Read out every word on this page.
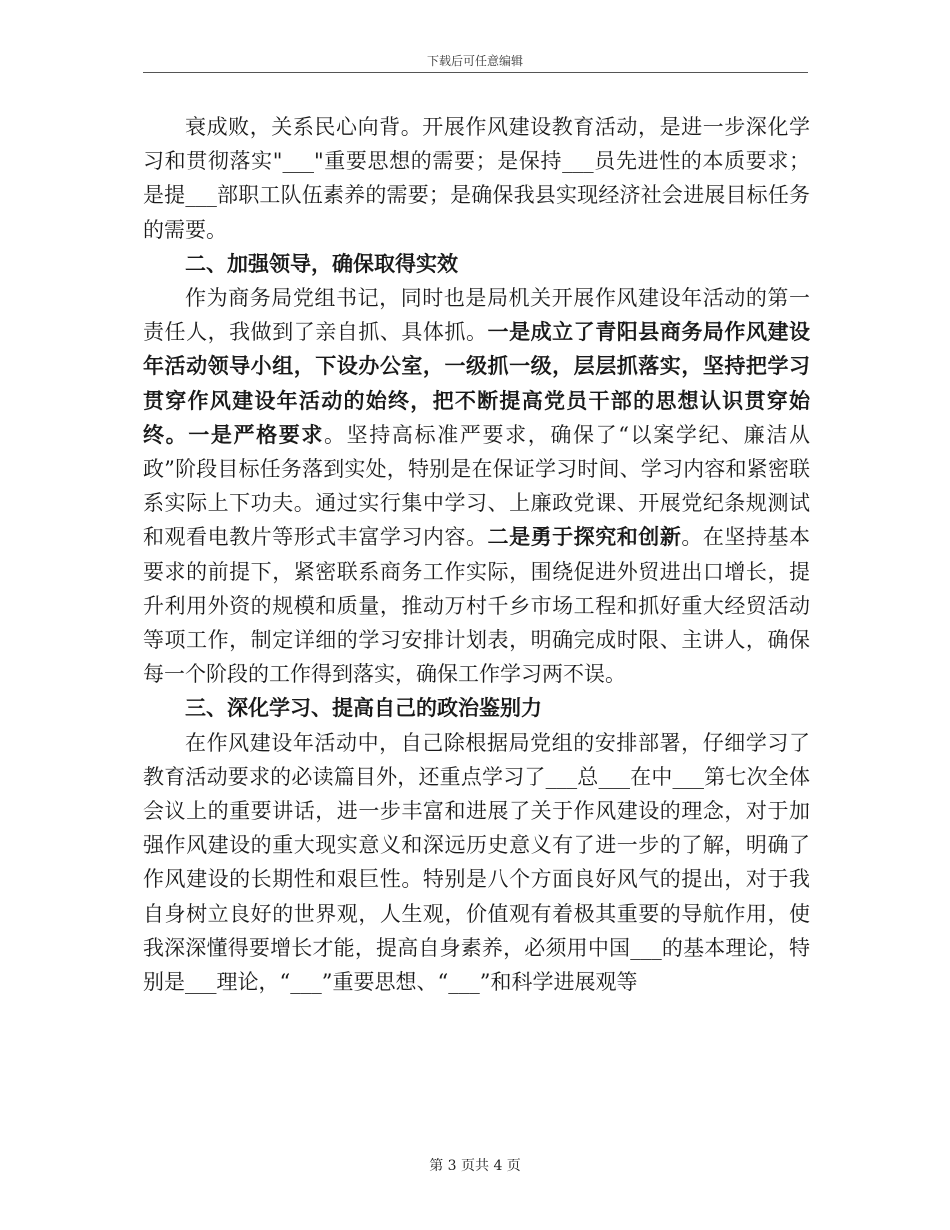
下载后可任意编辑

衰成败，关系民心向背。开展作风建设教育活动，是进一步深化学习和贯彻落实"___"重要思想的需要；是保持___员先进性的本质要求；是提___部职工队伍素养的需要；是确保我县实现经济社会进展目标任务的需要。

二、加强领导，确保取得实效

作为商务局党组书记，同时也是局机关开展作风建设年活动的第一责任人，我做到了亲自抓、具体抓。一是成立了青阳县商务局作风建设年活动领导小组，下设办公室，一级抓一级，层层抓落实，坚持把学习贯穿作风建设年活动的始终，把不断提高党员干部的思想认识贯穿始终。一是严格要求。坚持高标准严要求，确保了“以案学纪、廉洁从政”阶段目标任务落到实处，特别是在保证学习时间、学习内容和紧密联系实际上下功夫。通过实行集中学习、上廉政党课、开展党纪条规测试和观看电教片等形式丰富学习内容。二是勇于探究和创新。在坚持基本要求的前提下，紧密联系商务工作实际，围绕促进外贸进出口增长，提升利用外资的规模和质量，推动万村千乡市场工程和抓好重大经贸活动等项工作，制定详细的学习安排计划表，明确完成时限、主讲人，确保每一个阶段的工作得到落实，确保工作学习两不误。

三、深化学习、提高自己的政治鉴别力

在作风建设年活动中，自己除根据局党组的安排部署，仔细学习了教育活动要求的必读篇目外，还重点学习了___总___在中___第七次全体会议上的重要讲话，进一步丰富和进展了关于作风建设的理念，对于加强作风建设的重大现实意义和深远历史意义有了进一步的了解，明确了作风建设的长期性和艰巨性。特别是八个方面良好风气的提出，对于我自身树立良好的世界观，人生观，价值观有着极其重要的导航作用，使我深深懂得要增长才能，提高自身素养，必须用中国___的基本理论，特别是___理论，“___”重要思想、“___”和科学进展观等

第 3 页共 4 页
